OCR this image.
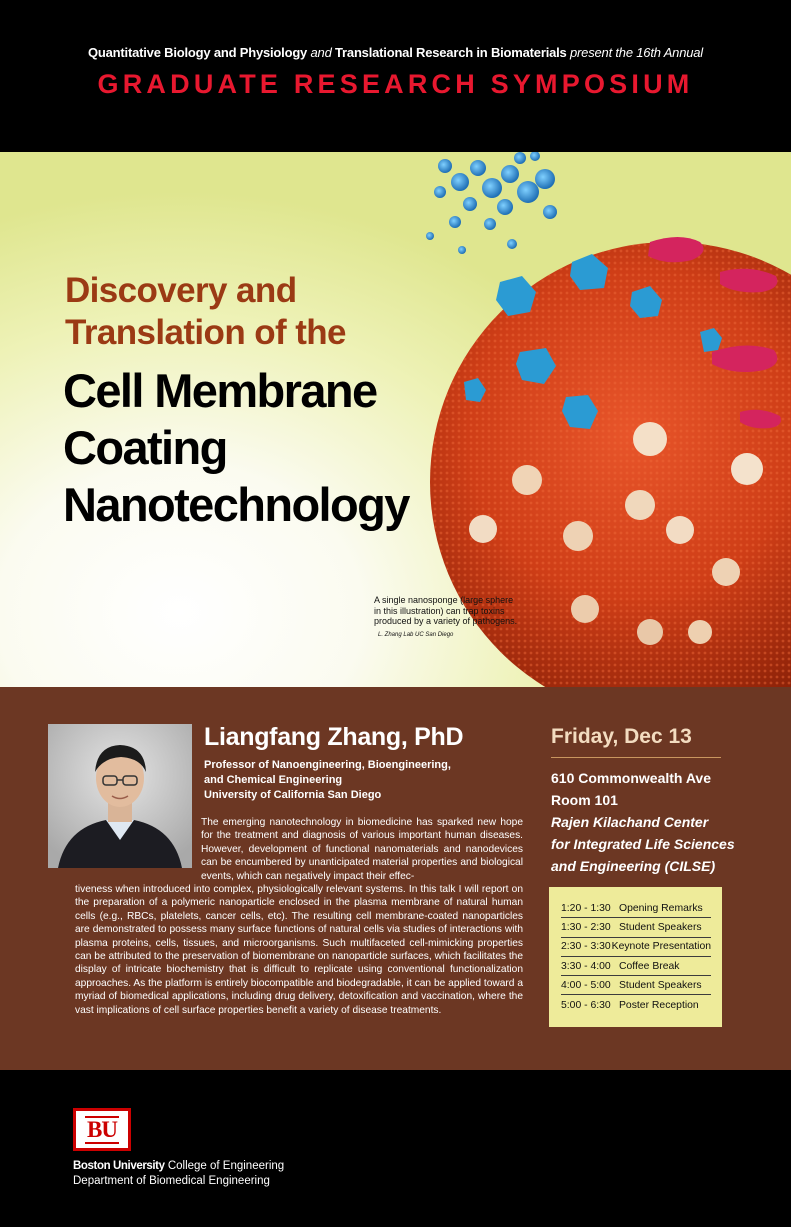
Quantitative Biology and Physiology and Translational Research in Biomaterials present the 16th Annual
GRADUATE RESEARCH SYMPOSIUM
Discovery and
Translation of the
Cell Membrane
Coating
Nanotechnology
A single nanosponge (large sphere
in this illustration) can trap toxins
produced by a variety of pathogens.
L. Zhang Lab UC San Diego
Liangfang Zhang, PhD
Professor of Nanoengineering, Bioengineering,
and Chemical Engineering
University of California San Diego
The emerging nanotechnology in biomedicine has sparked new hope for the treatment and diagnosis of various important human diseases. However, development of functional nanomaterials and nanodevices can be encumbered by unanticipated material properties and biological events, which can negatively impact their effec-
tiveness when introduced into complex, physiologically relevant systems. In this talk I will report on the preparation of a polymeric nanoparticle enclosed in the plasma membrane of natural human cells (e.g., RBCs, platelets, cancer cells, etc). The resulting cell membrane-coated nanoparticles are demonstrated to possess many surface functions of natural cells via studies of interactions with plasma proteins, cells, tissues, and microorganisms. Such multifaceted cell-mimicking properties can be attributed to the preservation of biomembrane on nanoparticle surfaces, which facilitates the display of intricate biochemistry that is difficult to replicate using conventional functionalization approaches. As the platform is entirely biocompatible and biodegradable, it can be applied toward a myriad of biomedical applications, including drug delivery, detoxification and vaccination, where the vast implications of cell surface properties benefit a variety of disease treatments.
Friday, Dec 13
610 Commonwealth Ave
Room 101
Rajen Kilachand Center
for Integrated Life Sciences
and Engineering (CILSE)
1:20 - 1:30 Opening Remarks
1:30 - 2:30 Student Speakers
2:30 - 3:30 Keynote Presentation
3:30 - 4:00 Coffee Break
4:00 - 5:00 Student Speakers
5:00 - 6:30 Poster Reception
BU
Boston University College of Engineering
Department of Biomedical Engineering
